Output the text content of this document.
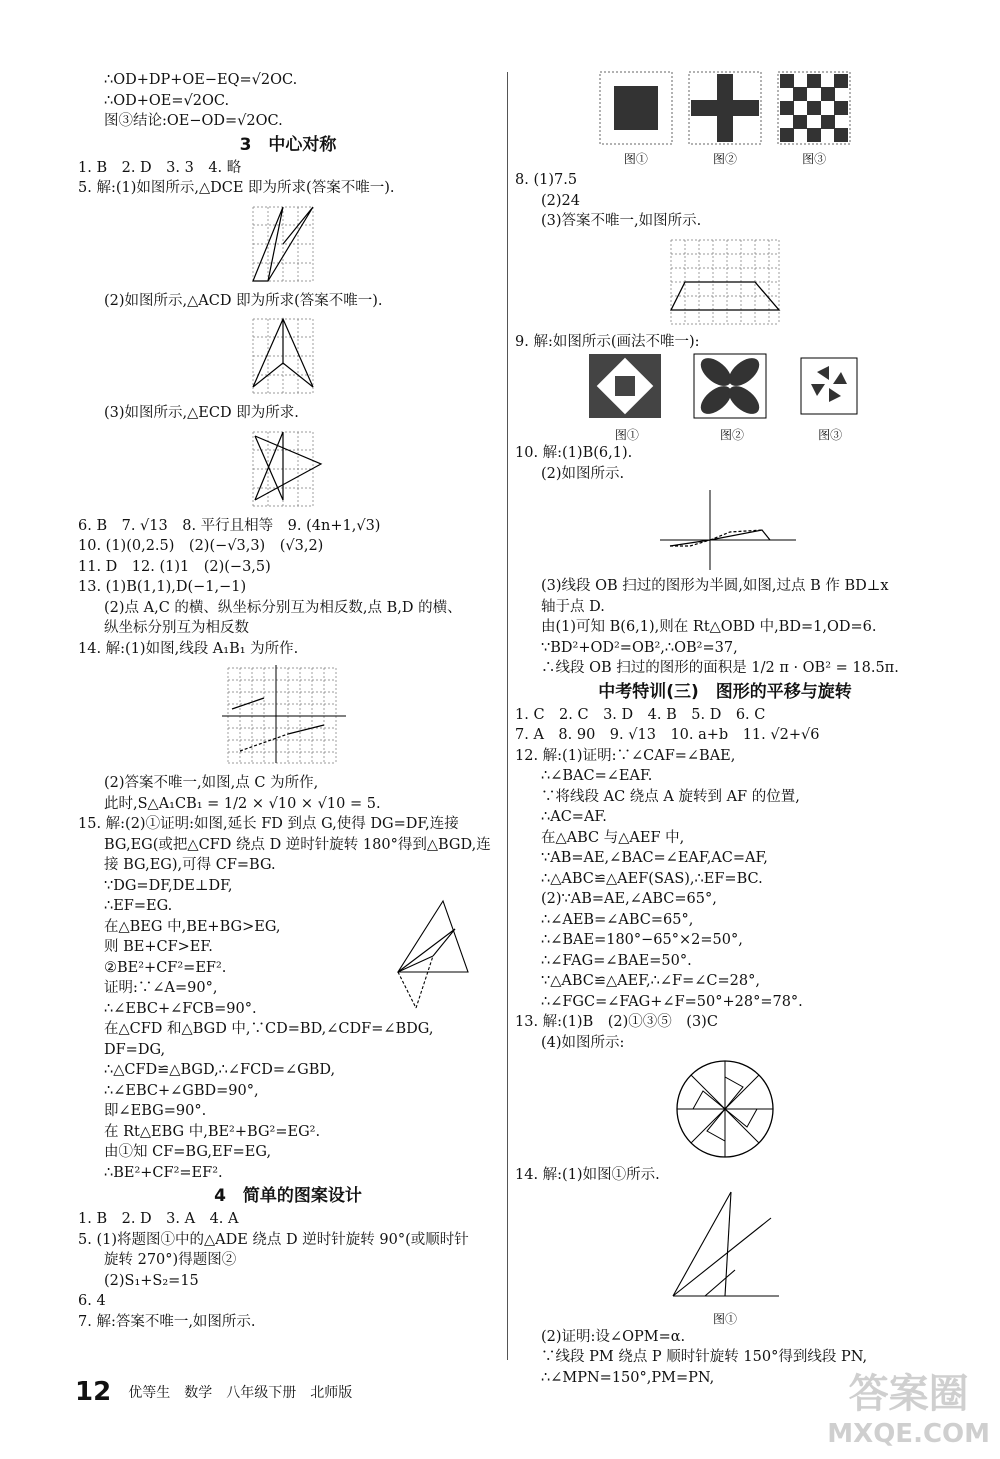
∴OD+DP+OE−EQ=√2OC.
∴OD+OE=√2OC.
图③结论:OE−OD=√2OC.
3　中心对称
1. B　2. D　3. 3　4. 略
5. 解:(1)如图所示,△DCE 即为所求(答案不唯一).
(2)如图所示,△ACD 即为所求(答案不唯一).
(3)如图所示,△ECD 即为所求.
6. B　7. √13　8. 平行且相等　9. (4n+1,√3)
10. (1)(0,2.5)　(2)(−√3,3)　(√3,2)
11. D　12. (1)1　(2)(−3,5)
13. (1)B(1,1),D(−1,−1)
(2)点 A,C 的横、纵坐标分别互为相反数,点 B,D 的横、
纵坐标分别互为相反数
14. 解:(1)如图,线段 A₁B₁ 为所作.
(2)答案不唯一,如图,点 C 为所作,
此时,S△A₁CB₁ = 1/2 × √10 × √10 = 5.
15. 解:(2)①证明:如图,延长 FD 到点 G,使得 DG=DF,连接
BG,EG(或把△CFD 绕点 D 逆时针旋转 180°得到△BGD,连
接 BG,EG),可得 CF=BG.
∵DG=DF,DE⊥DF,
∴EF=EG.
在△BEG 中,BE+BG>EG,
则 BE+CF>EF.
②BE²+CF²=EF².
证明:∵∠A=90°,
∴∠EBC+∠FCB=90°.
在△CFD 和△BGD 中,∵CD=BD,∠CDF=∠BDG,
DF=DG,
∴△CFD≌△BGD,∴∠FCD=∠GBD,
∴∠EBC+∠GBD=90°,
即∠EBG=90°.
在 Rt△EBG 中,BE²+BG²=EG².
由①知 CF=BG,EF=EG,
∴BE²+CF²=EF².
4　简单的图案设计
1. B　2. D　3. A　4. A
5. (1)将题图①中的△ADE 绕点 D 逆时针旋转 90°(或顺时针
旋转 270°)得题图②
(2)S₁+S₂=15
6. 4
7. 解:答案不唯一,如图所示.
图①
	图②
	图③
8. (1)7.5
(2)24
(3)答案不唯一,如图所示.
9. 解:如图所示(画法不唯一):
图①
	图②
	图③
10. 解:(1)B(6,1).
(2)如图所示.
(3)线段 OB 扫过的图形为半圆,如图,过点 B 作 BD⊥x
轴于点 D.
由(1)可知 B(6,1),则在 Rt△OBD 中,BD=1,OD=6.
∵BD²+OD²=OB²,∴OB²=37,
∴线段 OB 扫过的图形的面积是 1/2 π · OB² = 18.5π.
中考特训(三)　图形的平移与旋转
1. C　2. C　3. D　4. B　5. D　6. C
7. A　8. 90　9. √13　10. a+b　11. √2+√6
12. 解:(1)证明:∵∠CAF=∠BAE,
∴∠BAC=∠EAF.
∵将线段 AC 绕点 A 旋转到 AF 的位置,
∴AC=AF.
在△ABC 与△AEF 中,
∵AB=AE,∠BAC=∠EAF,AC=AF,
∴△ABC≌△AEF(SAS),∴EF=BC.
(2)∵AB=AE,∠ABC=65°,
∴∠AEB=∠ABC=65°,
∴∠BAE=180°−65°×2=50°,
∴∠FAG=∠BAE=50°.
∵△ABC≌△AEF,∴∠F=∠C=28°,
∴∠FGC=∠FAG+∠F=50°+28°=78°.
13. 解:(1)B　(2)①③⑤　(3)C
(4)如图所示:
14. 解:(1)如图①所示.
图①
(2)证明:设∠OPM=α.
∵线段 PM 绕点 P 顺时针旋转 150°得到线段 PN,
∴∠MPN=150°,PM=PN,
12 优等生　数学　八年级下册　北师版	答案圈
MXQE.COM
